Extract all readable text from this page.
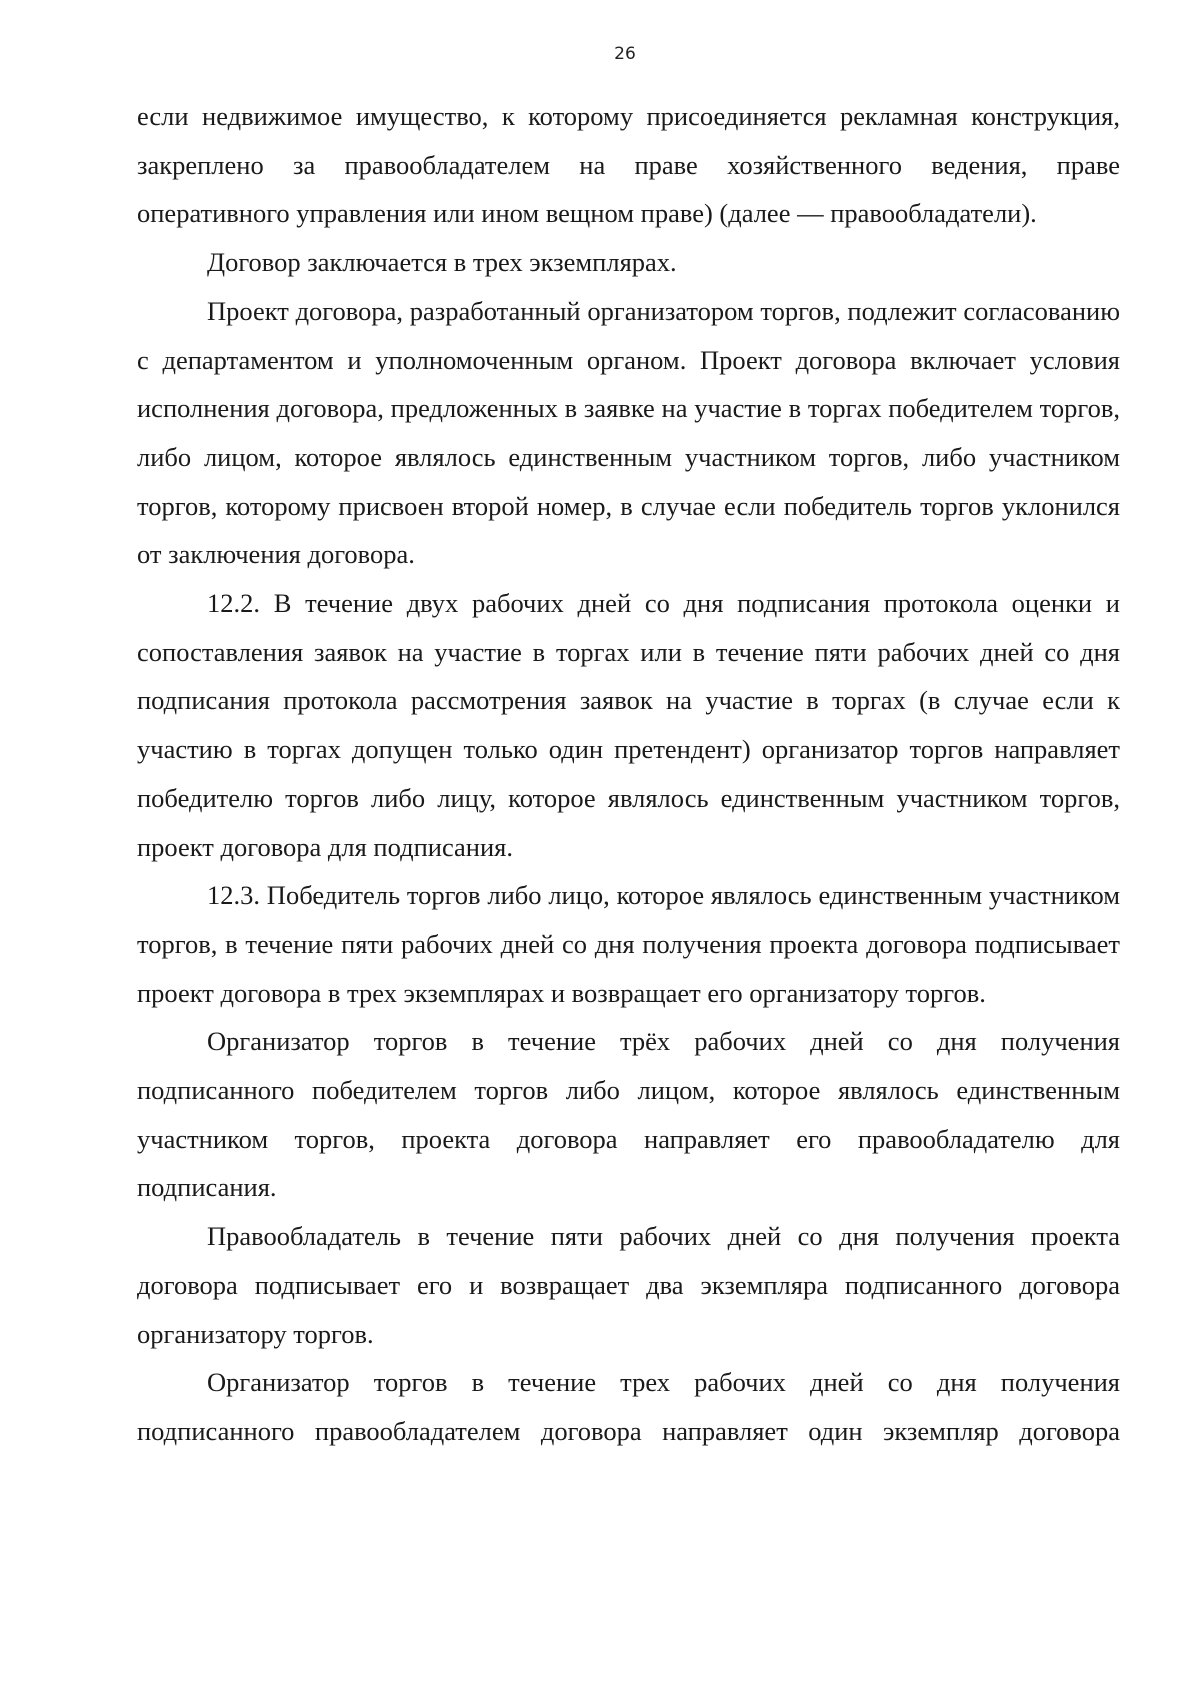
26

если недвижимое имущество, к которому присоединяется рекламная конструкция, закреплено за правообладателем на праве хозяйственного ведения, праве оперативного управления или ином вещном праве) (далее — правообладатели).

Договор заключается в трех экземплярах.

Проект договора, разработанный организатором торгов, подлежит согласованию с департаментом и уполномоченным органом. Проект договора включает условия исполнения договора, предложенных в заявке на участие в торгах победителем торгов, либо лицом, которое являлось единственным участником торгов, либо участником торгов, которому присвоен второй номер, в случае если победитель торгов уклонился от заключения договора.

12.2. В течение двух рабочих дней со дня подписания протокола оценки и сопоставления заявок на участие в торгах или в течение пяти рабочих дней со дня подписания протокола рассмотрения заявок на участие в торгах (в случае если к участию в торгах допущен только один претендент) организатор торгов направляет победителю торгов либо лицу, которое являлось единственным участником торгов, проект договора для подписания.

12.3. Победитель торгов либо лицо, которое являлось единственным участником торгов, в течение пяти рабочих дней со дня получения проекта договора подписывает проект договора в трех экземплярах и возвращает его организатору торгов.

Организатор торгов в течение трёх рабочих дней со дня получения подписанного победителем торгов либо лицом, которое являлось единственным участником торгов, проекта договора направляет его правообладателю для подписания.

Правообладатель в течение пяти рабочих дней со дня получения проекта договора подписывает его и возвращает два экземпляра подписанного договора организатору торгов.

Организатор торгов в течение трех рабочих дней со дня получения подписанного правообладателем договора направляет один экземпляр договора
